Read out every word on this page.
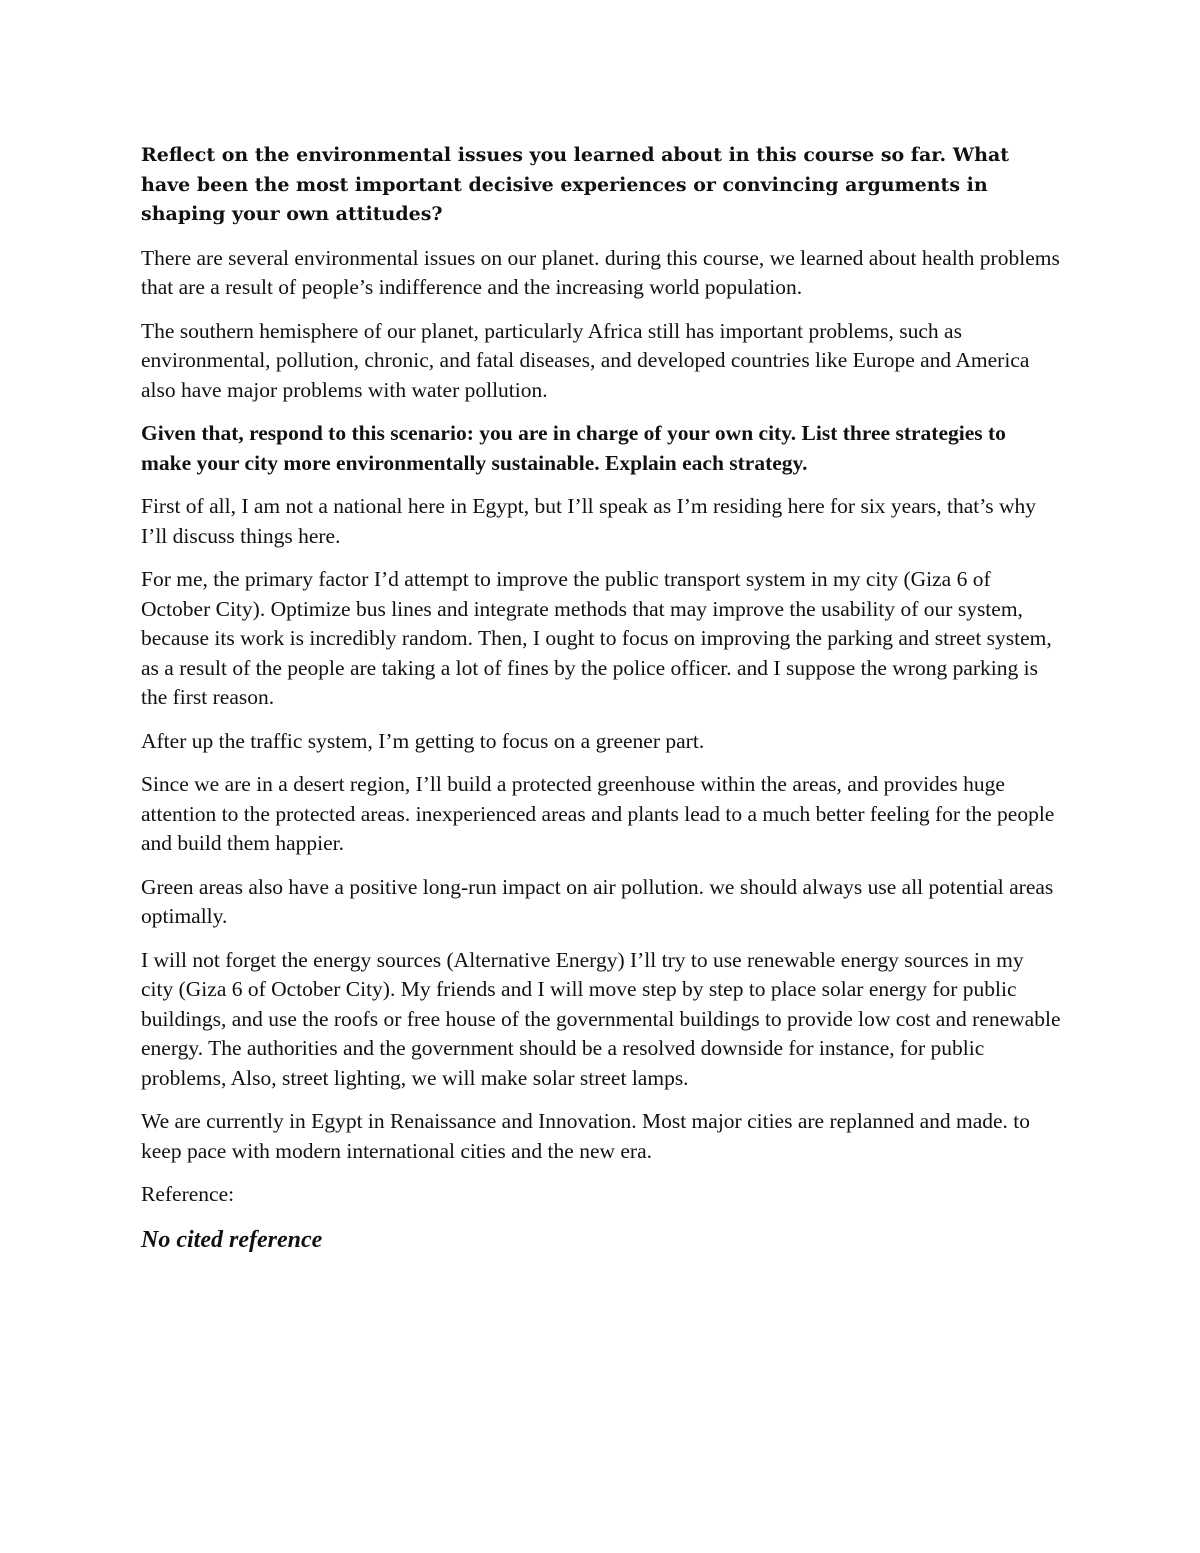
Reflect on the environmental issues you learned about in this course so far. What have been the most important decisive experiences or convincing arguments in shaping your own attitudes?

There are several environmental issues on our planet. during this course, we learned about health problems that are a result of people’s indifference and the increasing world population.

The southern hemisphere of our planet, particularly Africa still has important problems, such as environmental, pollution, chronic, and fatal diseases, and developed countries like Europe and America also have major problems with water pollution.

Given that, respond to this scenario: you are in charge of your own city. List three strategies to make your city more environmentally sustainable. Explain each strategy.

First of all, I am not a national here in Egypt, but I’ll speak as I’m residing here for six years, that’s why I’ll discuss things here.

For me, the primary factor I’d attempt to improve the public transport system in my city (Giza 6 of October City). Optimize bus lines and integrate methods that may improve the usability of our system, because its work is incredibly random. Then, I ought to focus on improving the parking and street system, as a result of the people are taking a lot of fines by the police officer. and I suppose the wrong parking is the first reason.

After up the traffic system, I’m getting to focus on a greener part.

Since we are in a desert region, I’ll build a protected greenhouse within the areas, and provides huge attention to the protected areas. inexperienced areas and plants lead to a much better feeling for the people and build them happier.

Green areas also have a positive long-run impact on air pollution. we should always use all potential areas optimally.

I will not forget the energy sources (Alternative Energy) I’ll try to use renewable energy sources in my city (Giza 6 of October City). My friends and I will move step by step to place solar energy for public buildings, and use the roofs or free house of the governmental buildings to provide low cost and renewable energy. The authorities and the government should be a resolved downside for instance, for public problems, Also, street lighting, we will make solar street lamps.

We are currently in Egypt in Renaissance and Innovation. Most major cities are replanned and made. to keep pace with modern international cities and the new era.

Reference:

No cited reference
